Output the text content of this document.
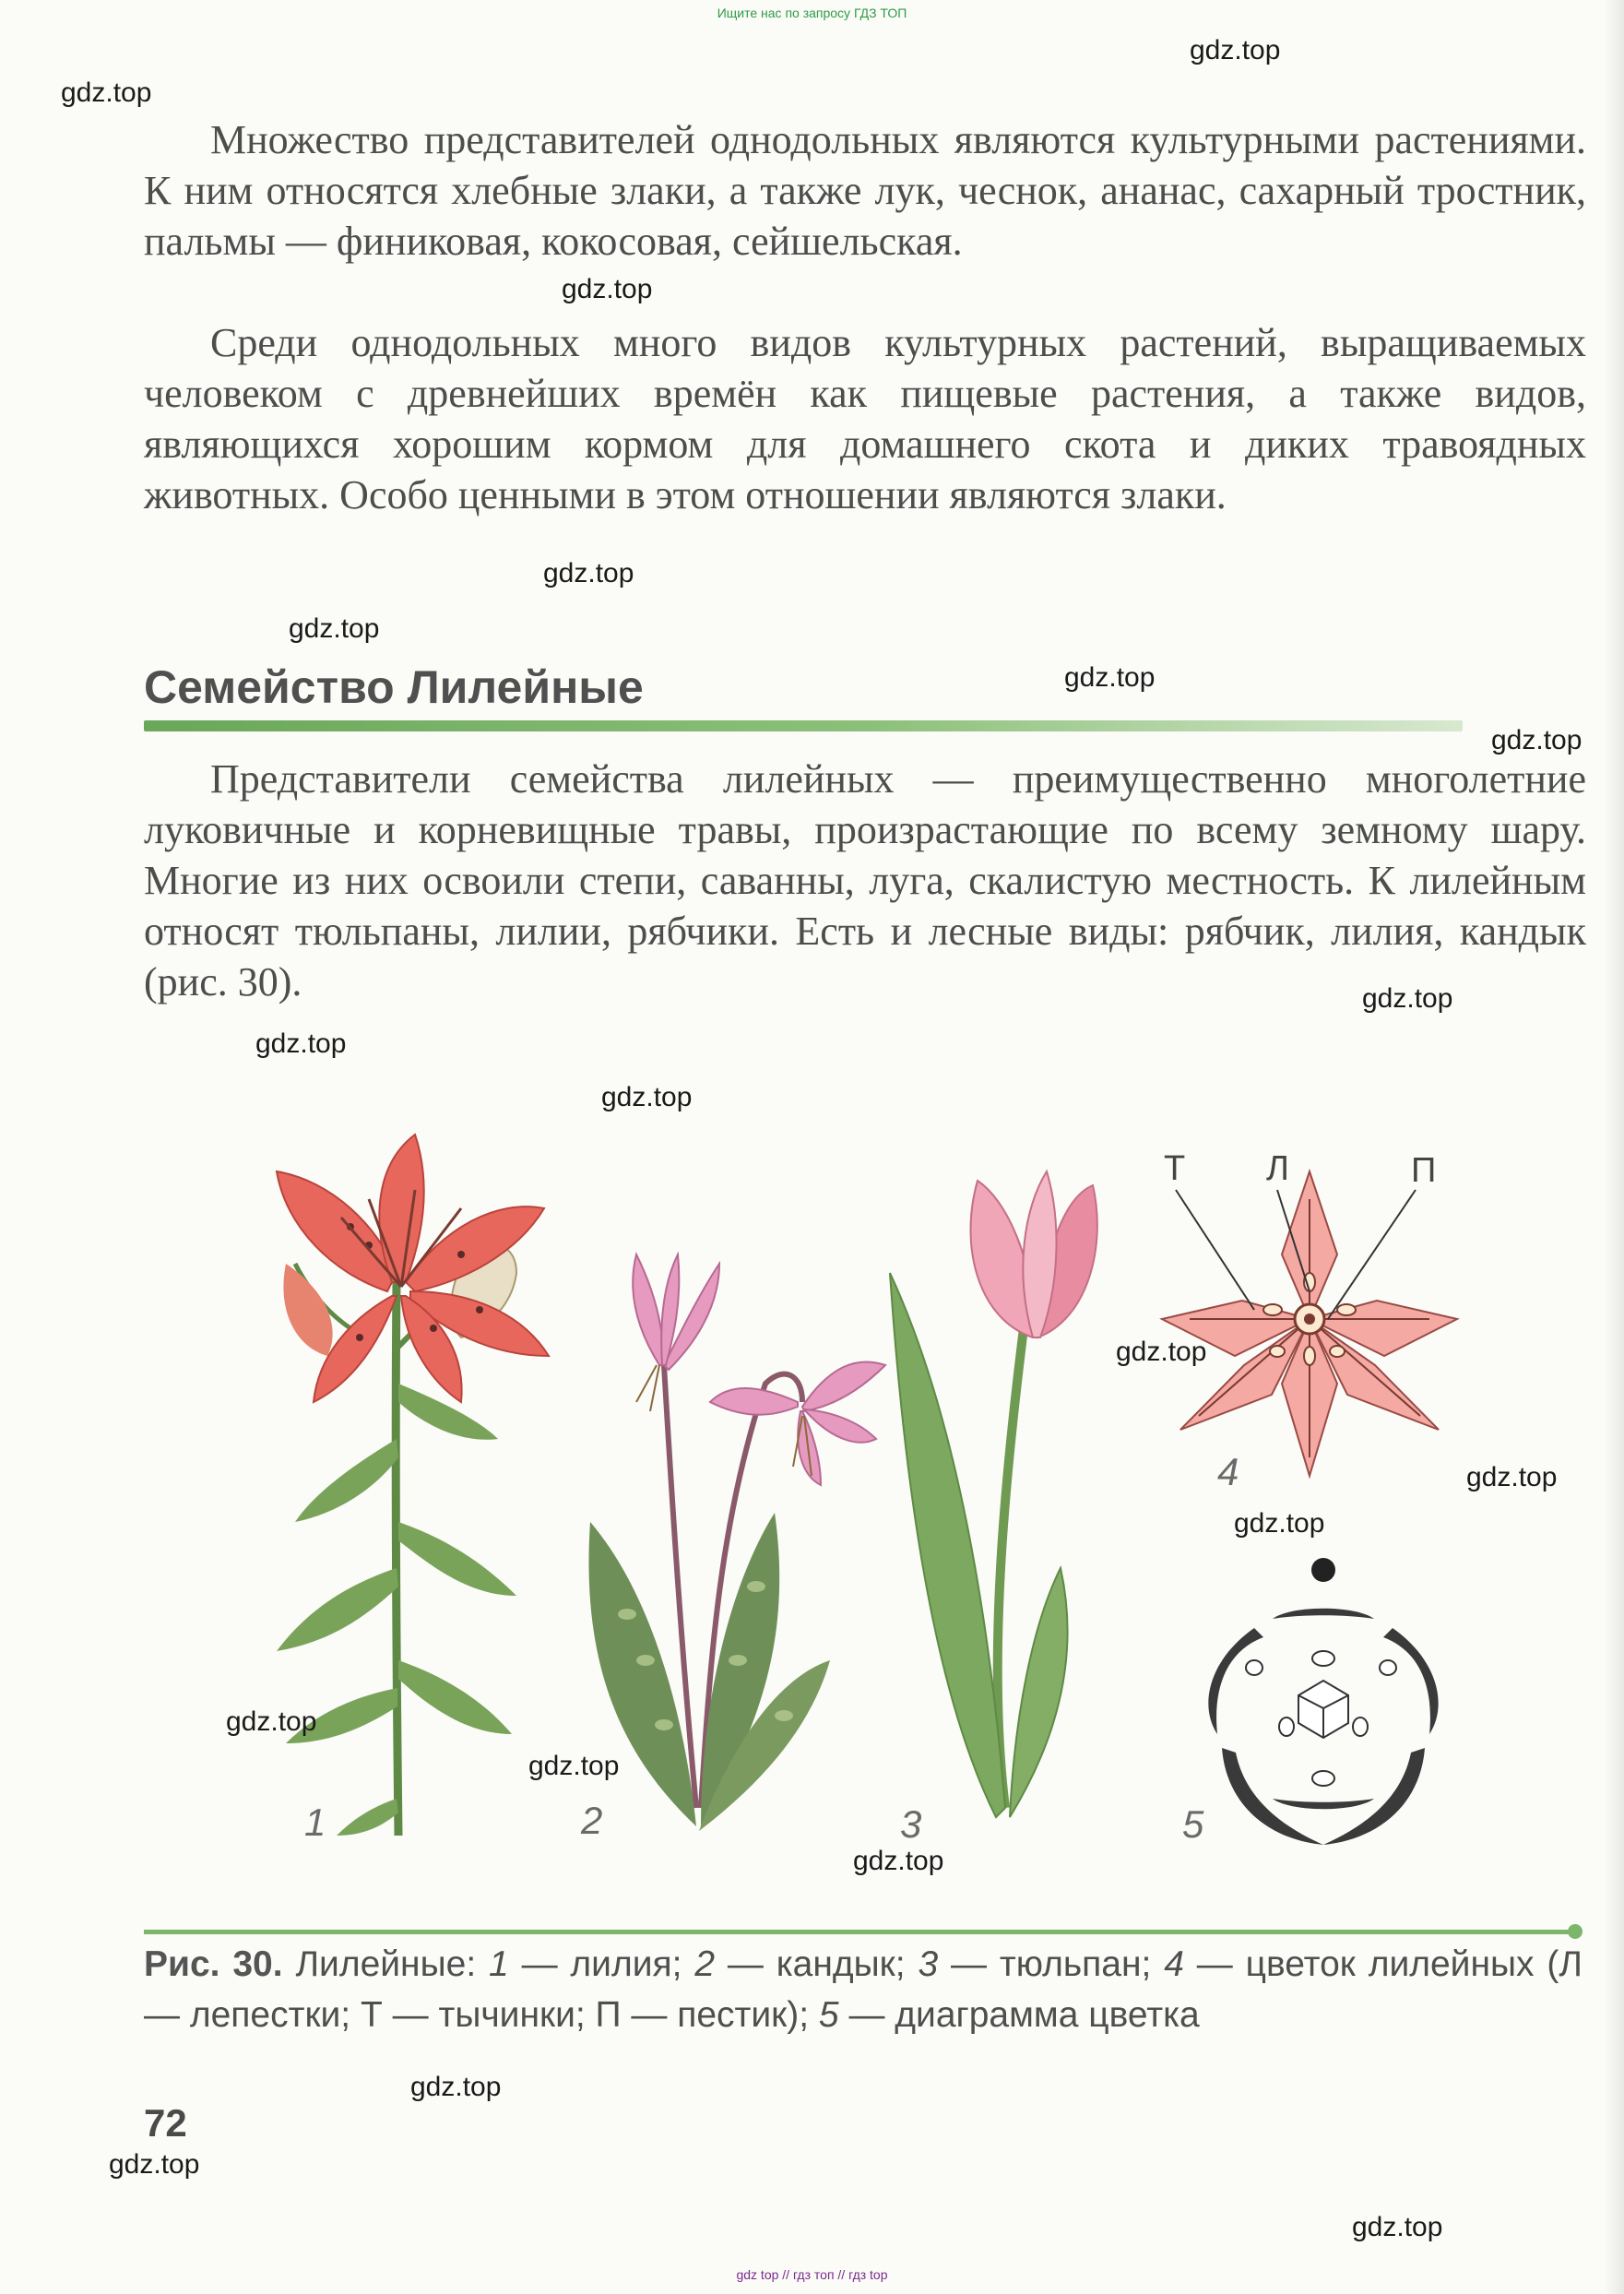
Ищите нас по запросу ГДЗ ТОП

Множество представителей однодольных являются культурными растениями. К ним относятся хлебные злаки, а также лук, чеснок, ананас, сахарный тростник, пальмы — финиковая, кокосовая, сейшельская.

Среди однодольных много видов культурных растений, выращиваемых человеком с древнейших времён как пищевые растения, а также видов, являющихся хорошим кормом для домашнего скота и диких травоядных животных. Особо ценными в этом отношении являются злаки.

Семейство Лилейные

Представители семейства лилейных — преимущественно многолетние луковичные и корневищные травы, произрастающие по всему земному шару. Многие из них освоили степи, саванны, луга, скалистую местность. К лилейным относят тюльпаны, лилии, рябчики. Есть и лесные виды: рябчик, лилия, кандык (рис. 30).

Т Л	П
1	2	3
4
5

Рис. 30. Лилейные: 1 — лилия; 2 — кандык; 3 — тюльпан; 4 — цветок лилейных (Л — лепестки; Т — тычинки; П — пестик); 5 — диаграмма цветка

72
gdz.top
gdz.top
gdz.top
gdz.top
gdz.top
gdz.top
gdz.top
gdz.top
gdz.top
gdz.top
gdz.top
gdz.top
gdz.top
gdz.top
gdz.top
gdz.top
gdz.top
gdz.top
gdz.top
gdz top // гдз топ // гдз top
